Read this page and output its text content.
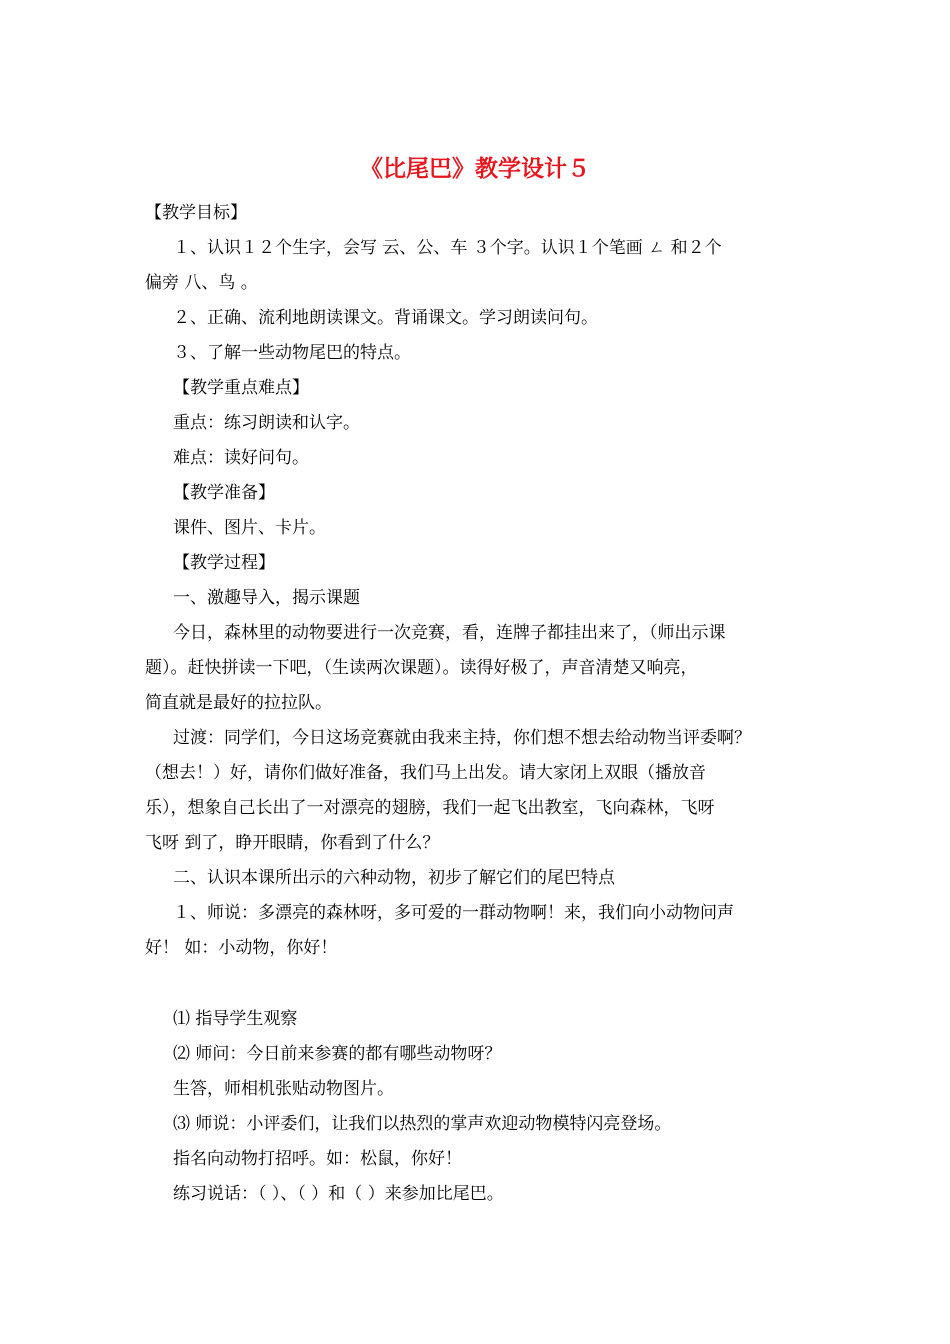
《比尾巴》教学设计５

【教学目标】

１、认识１２个生字，会写 云、公、车 ３个字。认识１个笔画 ㄥ 和２个

偏旁 八、鸟 。

２、正确、流利地朗读课文。背诵课文。学习朗读问句。

３、了解一些动物尾巴的特点。

【教学重点难点】

重点：练习朗读和认字。

难点：读好问句。

【教学准备】

课件、图片、卡片。

【教学过程】

一、激趣导入，揭示课题

今日，森林里的动物要进行一次竞赛，看，连牌子都挂出来了，（师出示课

题）。赶快拼读一下吧，（生读两次课题）。读得好极了，声音清楚又响亮，

简直就是最好的拉拉队。

过渡：同学们，今日这场竞赛就由我来主持，你们想不想去给动物当评委啊？

（想去！）好，请你们做好准备，我们马上出发。请大家闭上双眼（播放音

乐），想象自己长出了一对漂亮的翅膀，我们一起飞出教室，飞向森林，飞呀

飞呀 到了，睁开眼睛，你看到了什么？

二、认识本课所出示的六种动物，初步了解它们的尾巴特点

１、师说：多漂亮的森林呀，多可爱的一群动物啊！来，我们向小动物问声

好！ 如：小动物，你好！

⑴ 指导学生观察

⑵ 师问：今日前来参赛的都有哪些动物呀？

生答，师相机张贴动物图片。

⑶ 师说：小评委们，让我们以热烈的掌声欢迎动物模特闪亮登场。

指名向动物打招呼。如：松鼠，你好！

练习说话：（ ）、（ ）和（ ）来参加比尾巴。
